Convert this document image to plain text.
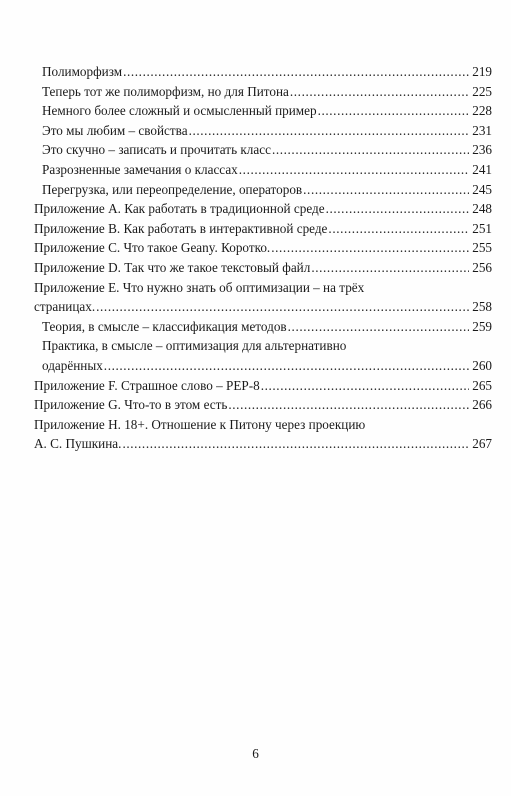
Полиморфизм .....	219
Теперь тот же полиморфизм, но для Питона .....	225
Немного более сложный и осмысленный пример .....	228
Это мы любим – свойства .....	231
Это скучно – записать и прочитать класс .....	236
Разрозненные замечания о классах .....	241
Перегрузка, или переопределение, операторов .....	245
Приложение A. Как работать в традиционной среде .....	248
Приложение B. Как работать в интерактивной среде .....	251
Приложение C. Что такое Geany. Коротко. .....	255
Приложение D. Так что же такое текстовый файл .....	256
Приложение E. Что нужно знать об оптимизации – на трёх
страницах. .....	258
Теория, в смысле – классификация методов .....	259
Практика, в смысле – оптимизация для альтернативно
одарённых .....	260
Приложение F. Страшное слово – PEP-8 .....	265
Приложение G. Что-то в этом есть .....	266
Приложение H. 18+. Отношение к Питону через проекцию
А. С. Пушкина. .....	267
6
